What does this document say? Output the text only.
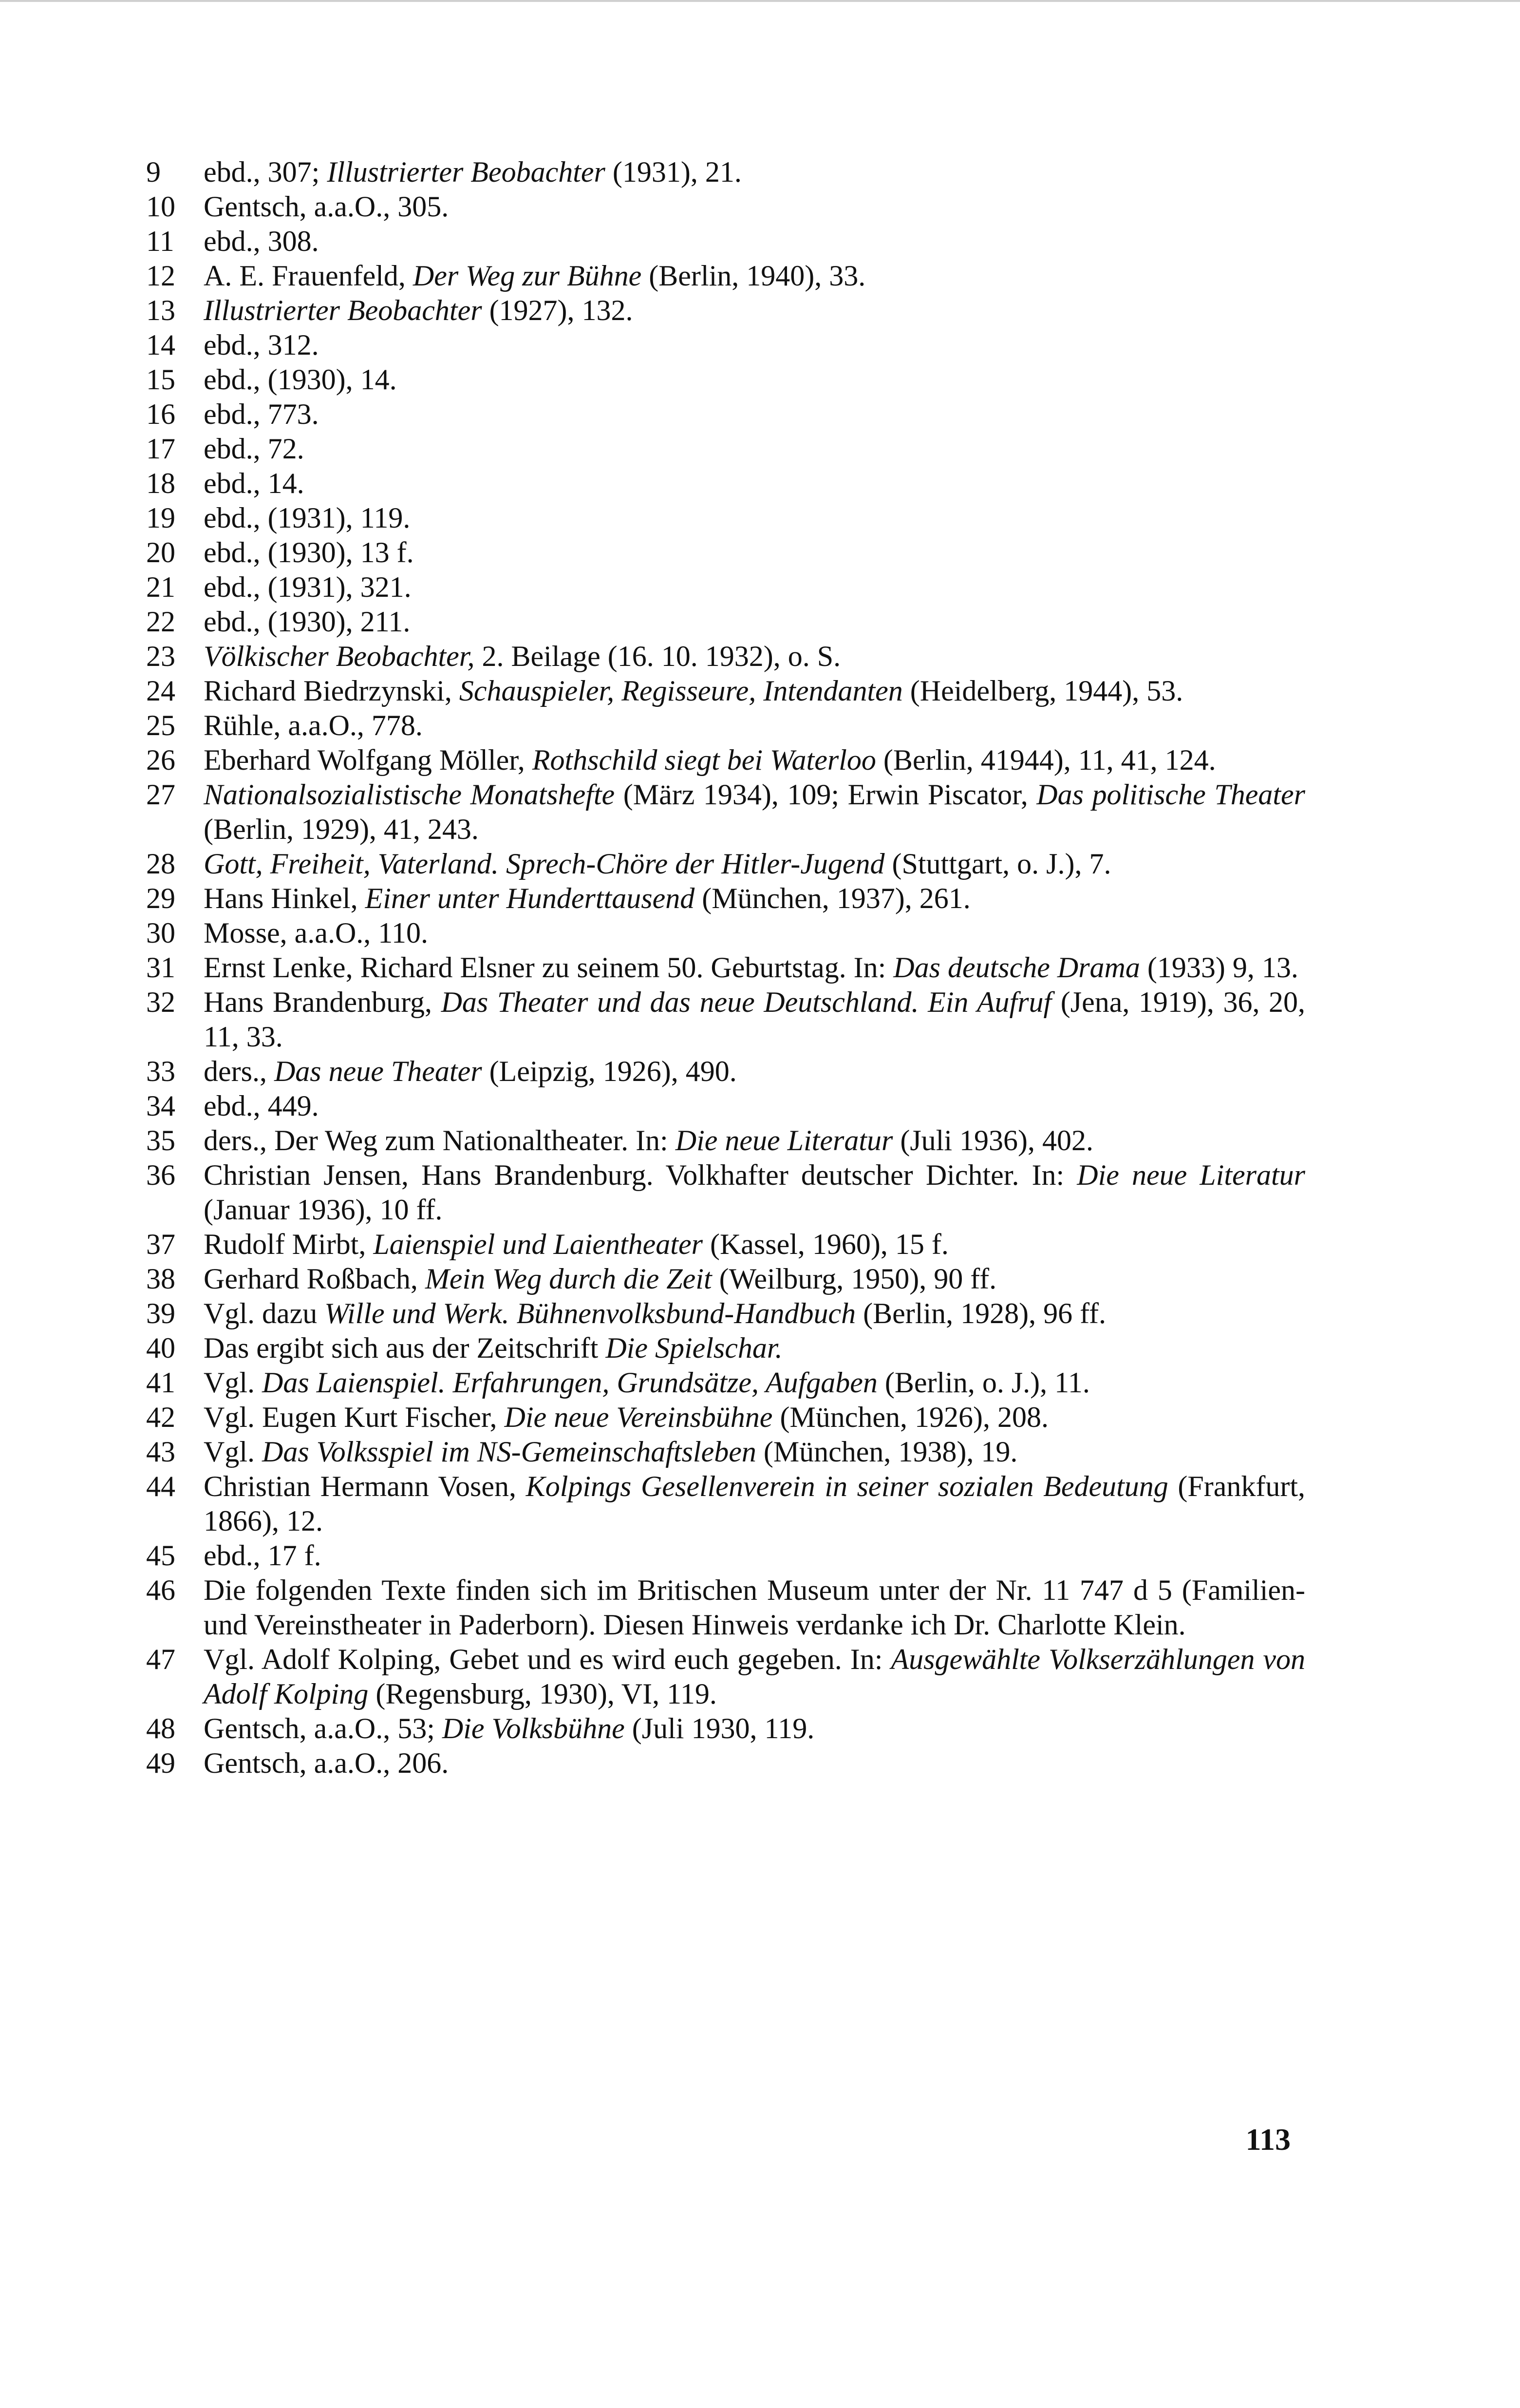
9	ebd., 307; Illustrierter Beobachter (1931), 21.
10 Gentsch, a.a.O., 305.
11	ebd., 308.
12 A. E. Frauenfeld, Der Weg zur Bühne (Berlin, 1940), 33.
13 Illustrierter Beobachter (1927), 132.
14 ebd., 312.
15 ebd., (1930), 14.
16 ebd., 773.
17 ebd., 72.
18 ebd., 14.
19 ebd., (1931), 119.
20 ebd., (1930), 13 f.
21 ebd., (1931), 321.
22 ebd., (1930), 211.
23 Völkischer Beobachter, 2. Beilage (16. 10. 1932), o. S.
24 Richard Biedrzynski, Schauspieler, Regisseure, Intendanten (Heidelberg, 1944), 53.
25 Rühle, a.a.O., 778.
26 Eberhard Wolfgang Möller, Rothschild siegt bei Waterloo (Berlin, 41944), 11, 41, 124.
27 Nationalsozialistische Monatshefte (März 1934), 109; Erwin Piscator, Das politische Theater (Berlin, 1929), 41, 243.
28 Gott, Freiheit, Vaterland. Sprech-Chöre der Hitler-Jugend (Stuttgart, o. J.), 7.
29 Hans Hinkel, Einer unter Hunderttausend (München, 1937), 261.
30 Mosse, a.a.O., 110.
31 Ernst Lenke, Richard Elsner zu seinem 50. Geburtstag. In: Das deutsche Drama (1933) 9, 13.
32 Hans Brandenburg, Das Theater und das neue Deutschland. Ein Aufruf (Jena, 1919), 36, 20, 11, 33.
33 ders., Das neue Theater (Leipzig, 1926), 490.
34 ebd., 449.
35 ders., Der Weg zum Nationaltheater. In: Die neue Literatur (Juli 1936), 402.
36 Christian Jensen, Hans Brandenburg. Volkhafter deutscher Dichter. In: Die neue Literatur (Januar 1936), 10 ff.
37 Rudolf Mirbt, Laienspiel und Laientheater (Kassel, 1960), 15 f.
38 Gerhard Roßbach, Mein Weg durch die Zeit (Weilburg, 1950), 90 ff.
39 Vgl. dazu Wille und Werk. Bühnenvolksbund-Handbuch (Berlin, 1928), 96 ff.
40 Das ergibt sich aus der Zeitschrift Die Spielschar.
41 Vgl. Das Laienspiel. Erfahrungen, Grundsätze, Aufgaben (Berlin, o. J.), 11.
42 Vgl. Eugen Kurt Fischer, Die neue Vereinsbühne (München, 1926), 208.
43 Vgl. Das Volksspiel im NS-Gemeinschaftsleben (München, 1938), 19.
44 Christian Hermann Vosen, Kolpings Gesellenverein in seiner sozialen Bedeutung (Frankfurt, 1866), 12.
45 ebd., 17 f.
46 Die folgenden Texte finden sich im Britischen Museum unter der Nr. 11 747 d 5 (Familien- und Vereinstheater in Paderborn). Diesen Hinweis verdanke ich Dr. Charlotte Klein.
47 Vgl. Adolf Kolping, Gebet und es wird euch gegeben. In: Ausgewählte Volkserzählungen von Adolf Kolping (Regensburg, 1930), VI, 119.
48 Gentsch, a.a.O., 53; Die Volksbühne (Juli 1930, 119.
49 Gentsch, a.a.O., 206.
113
